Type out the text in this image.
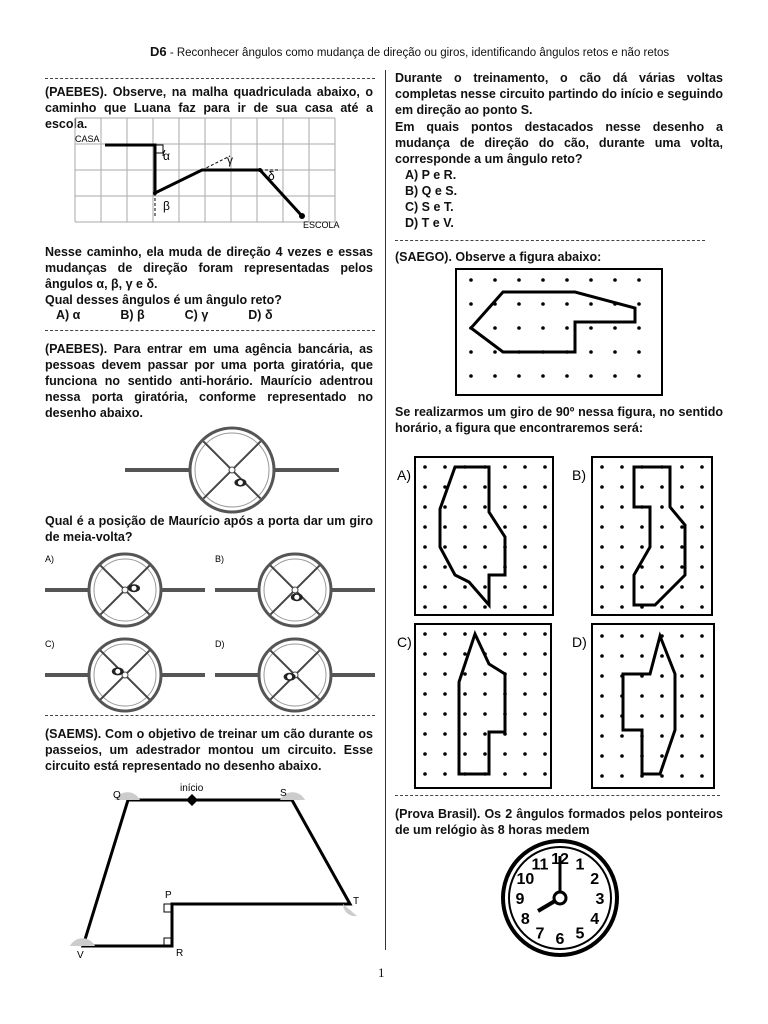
D6 - Reconhecer ângulos como mudança de direção ou giros, identificando ângulos retos e não retos
(PAEBES). Observe, na malha quadriculada abaixo, o caminho que Luana faz para ir de sua casa até a escola.
CASA
ESCOLA
α
β
γ
δ
Nesse caminho, ela muda de direção 4 vezes e essas mudanças de direção foram representadas pelos ângulos α, β, γ e δ.
Qual desses ângulos é um ângulo reto?
A) α	B) β	C) γ	D) δ
(PAEBES). Para entrar em uma agência bancária, as pessoas devem passar por uma porta giratória, que funciona no sentido anti-horário. Maurício adentrou nessa porta giratória, conforme representado no desenho abaixo.
Qual é a posição de Maurício após a porta dar um giro de meia-volta?
A)	B)
C)	D)
(SAEMS). Com o objetivo de treinar um cão durante os passeios, um adestrador montou um circuito. Esse circuito está representado no desenho abaixo.
início
Q	S
P
T
V	R
Durante o treinamento, o cão dá várias voltas completas nesse circuito partindo do início e seguindo em direção ao ponto S.
Em quais pontos destacados nesse desenho a mudança de direção do cão, durante uma volta, corresponde a um ângulo reto?
A) P e R.
B) Q e S.
C) S e T.
D) T e V.
(SAEGO). Observe a figura abaixo:
Se realizarmos um giro de 90º nessa figura, no sentido horário, a figura que encontraremos será:
A)	B)
C)	D)
(Prova Brasil). Os 2 ângulos formados pelos ponteiros de um relógio às 8 horas medem
12 1
2
3
4
5
6
7
8
9
10
11
1
